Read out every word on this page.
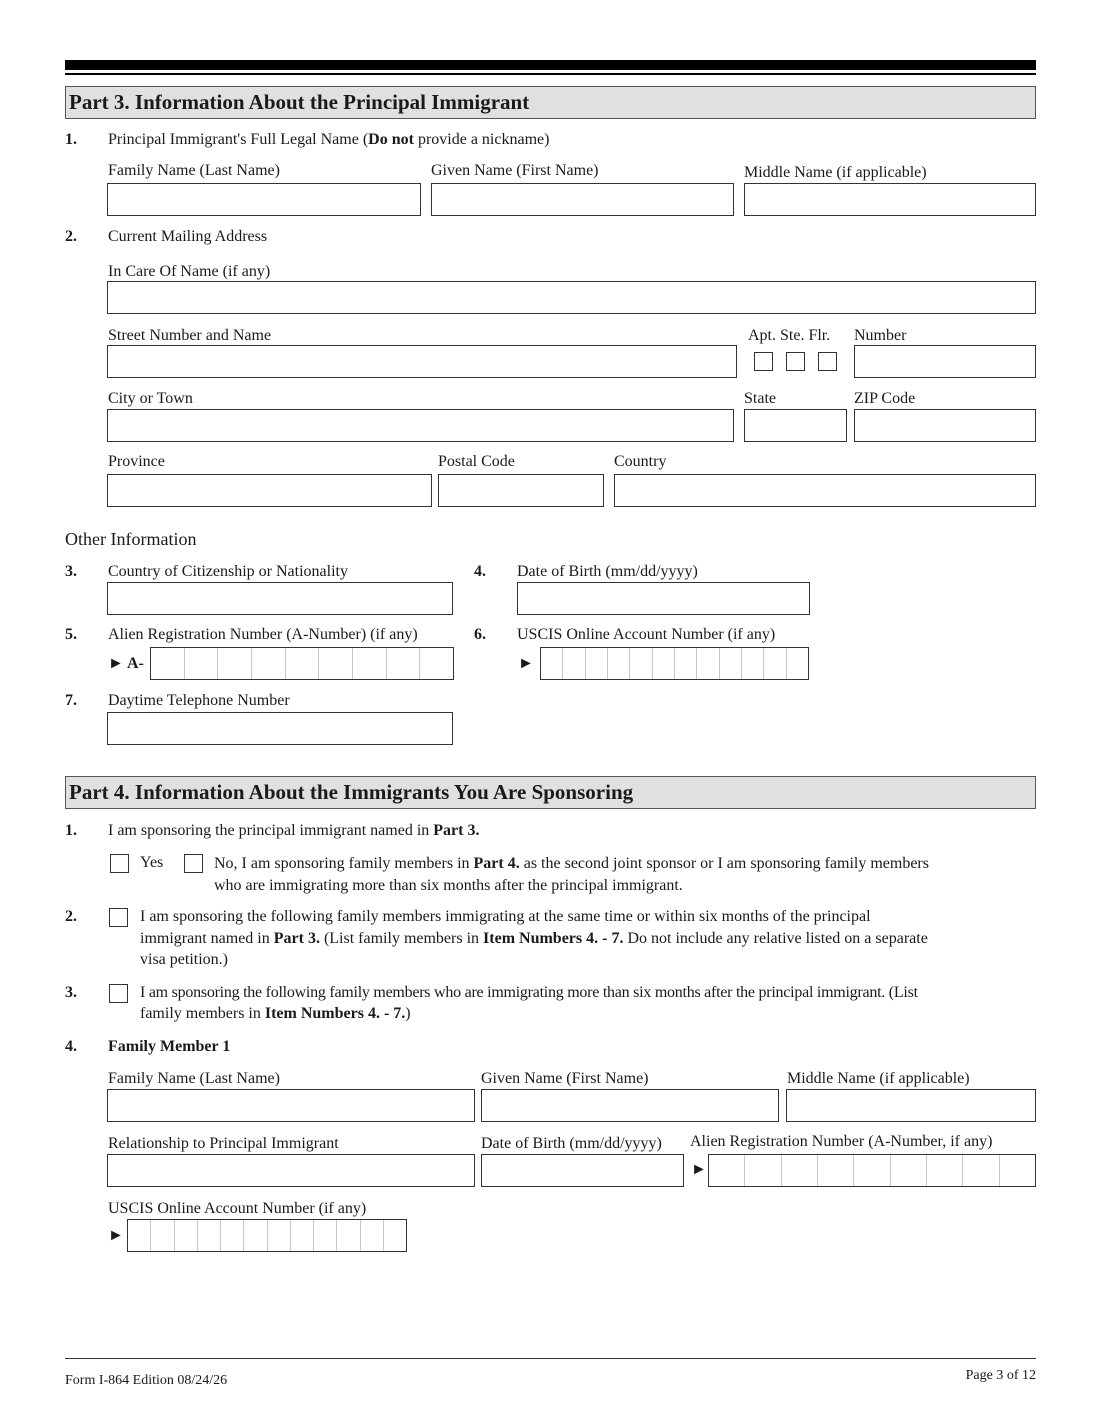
Part 3. Information About the Principal Immigrant
1. Principal Immigrant's Full Legal Name (Do not provide a nickname)
Family Name (Last Name)	Given Name (First Name)	Middle Name (if applicable)
2. Current Mailing Address
In Care Of Name (if any)
Street Number and Name	Apt. Ste. Flr. Number
City or Town	State	ZIP Code
Province	Postal Code	Country
Other Information
3. Country of Citizenship or Nationality	4. Date of Birth (mm/dd/yyyy)
5. Alien Registration Number (A-Number) (if any)
► A-
6. USCIS Online Account Number (if any)
►
7. Daytime Telephone Number
Part 4. Information About the Immigrants You Are Sponsoring
1. I am sponsoring the principal immigrant named in Part 3.
Yes	No, I am sponsoring family members in Part 4. as the second joint sponsor or I am sponsoring family members
who are immigrating more than six months after the principal immigrant.
2.	I am sponsoring the following family members immigrating at the same time or within six months of the principal
immigrant named in Part 3. (List family members in Item Numbers 4. - 7. Do not include any relative listed on a separate
visa petition.)
3.	I am sponsoring the following family members who are immigrating more than six months after the principal immigrant. (List
family members in Item Numbers 4. - 7.)
4. Family Member 1
Family Name (Last Name)	Given Name (First Name)	Middle Name (if applicable)
Relationship to Principal Immigrant	Date of Birth (mm/dd/yyyy) Alien Registration Number (A-Number, if any)
►
USCIS Online Account Number (if any)
►
Form I-864 Edition 08/24/26	Page 3 of 12
